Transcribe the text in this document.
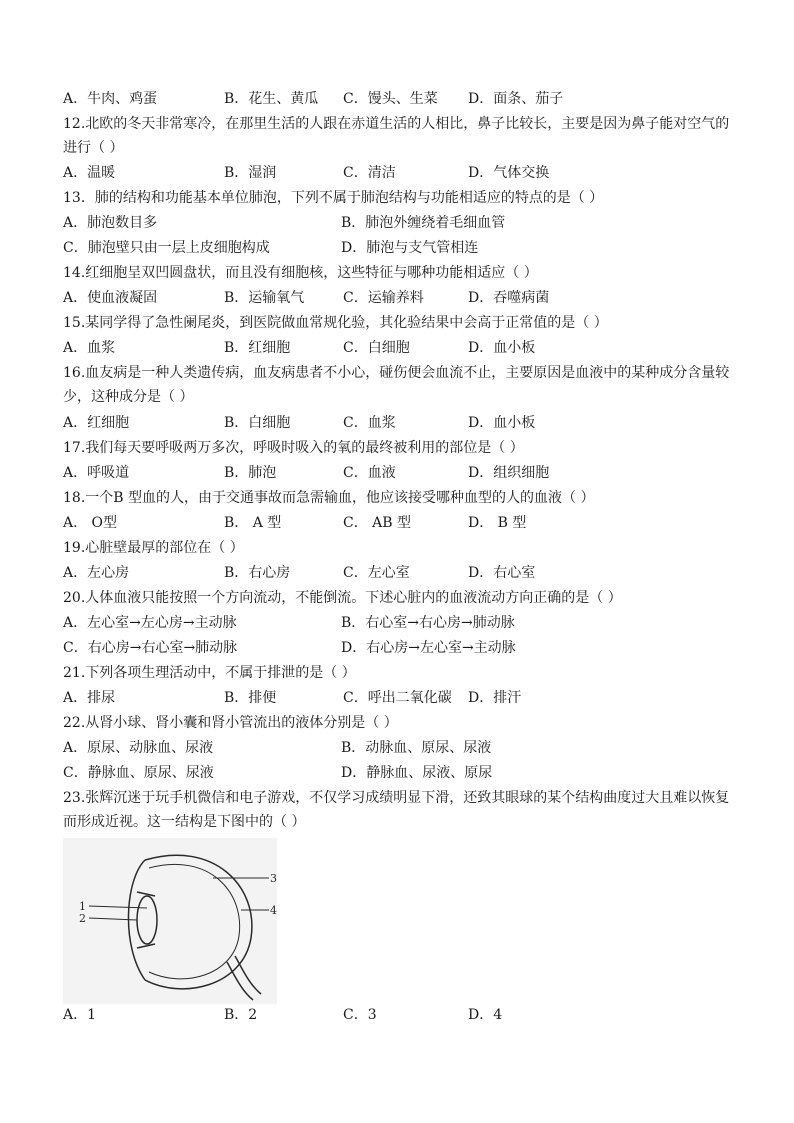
A．牛肉、鸡蛋	B．花生、黄瓜 C．馒头、生菜 D．面条、茄子
12.北欧的冬天非常寒冷，在那里生活的人跟在赤道生活的人相比，鼻子比较长，主要是因为鼻子能对空气的
进行（ ）
A．温暖	B．湿润	C．清洁	D．气体交换
13．肺的结构和功能基本单位肺泡，下列不属于肺泡结构与功能相适应的特点的是（ ）
A．肺泡数目多	B．肺泡外缠绕着毛细血管
C．肺泡壁只由一层上皮细胞构成	D．肺泡与支气管相连
14.红细胞呈双凹圆盘状，而且没有细胞核，这些特征与哪种功能相适应（ ）
A．使血液凝固	B．运输氧气	C．运输养料	D．吞噬病菌
15.某同学得了急性阑尾炎，到医院做血常规化验，其化验结果中会高于正常值的是（ ）
A．血浆	B．红细胞	C．白细胞	D．血小板
16.血友病是一种人类遗传病，血友病患者不小心，碰伤便会血流不止，主要原因是血液中的某种成分含量较
少，这种成分是（ ）
A．红细胞	B．白细胞	C．血浆	D．血小板
17.我们每天要呼吸两万多次，呼吸时吸入的氧的最终被利用的部位是（ ）
A．呼吸道	B．肺泡	C．血液	D．组织细胞
18.一个B 型血的人，由于交通事故而急需输血，他应该接受哪种血型的人的血液（ ）
A． O型	B． A 型	C． AB 型	D． B 型
19.心脏壁最厚的部位在（ ）
A．左心房	B．右心房	C．左心室	D．右心室
20.人体血液只能按照一个方向流动，不能倒流。下述心脏内的血液流动方向正确的是（ ）
A．左心室→左心房→主动脉	B．右心室→右心房→肺动脉
C．右心房→右心室→肺动脉	D．右心房→左心室→主动脉
21.下列各项生理活动中，不属于排泄的是（ ）
A．排尿	B．排便	C．呼出二氧化碳 D．排汗
22.从肾小球、肾小囊和肾小管流出的液体分别是（ ）
A．原尿、动脉血、尿液	B．动脉血、原尿、尿液
C．静脉血、原尿、尿液	D．静脉血、尿液、原尿
23.张辉沉迷于玩手机微信和电子游戏，不仅学习成绩明显下滑，还致其眼球的某个结构曲度过大且难以恢复
而形成近视。这一结构是下图中的（ ）
1
2
3
4
A．1	B．2	C．3	D．4
